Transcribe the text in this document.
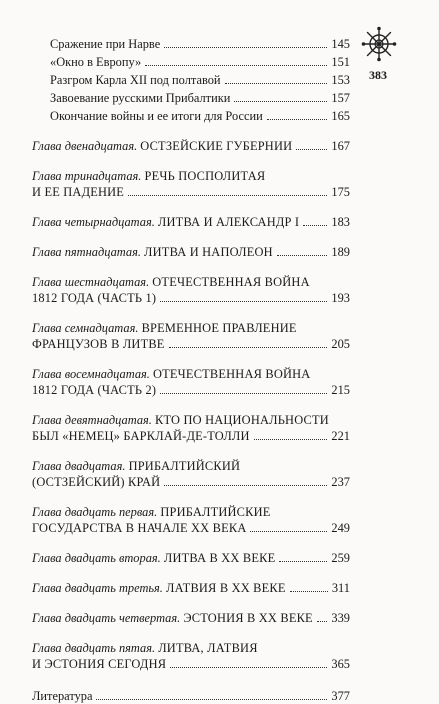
383
Сражение при Нарве	145
«Окно в Европу»	151
Разгром Карла XII под полтавой	153
Завоевание русскими Прибалтики	157
Окончание войны и ее итоги для России	165
Глава двенадцатая. ОСТЗЕЙСКИЕ ГУБЕРНИИ	167
Глава тринадцатая. РЕЧЬ ПОСПОЛИТАЯ
И ЕЕ ПАДЕНИЕ	175
Глава четырнадцатая. ЛИТВА И АЛЕКСАНДР I	183
Глава пятнадцатая. ЛИТВА И НАПОЛЕОН	189
Глава шестнадцатая. ОТЕЧЕСТВЕННАЯ ВОЙНА
1812 ГОДА (ЧАСТЬ 1)	193
Глава семнадцатая. ВРЕМЕННОЕ ПРАВЛЕНИЕ
ФРАНЦУЗОВ В ЛИТВЕ	205
Глава восемнадцатая. ОТЕЧЕСТВЕННАЯ ВОЙНА
1812 ГОДА (ЧАСТЬ 2)	215
Глава девятнадцатая. КТО ПО НАЦИОНАЛЬНОСТИ
БЫЛ «НЕМЕЦ» БАРКЛАЙ-ДЕ-ТОЛЛИ	221
Глава двадцатая. ПРИБАЛТИЙСКИЙ
(ОСТЗЕЙСКИЙ) КРАЙ	237
Глава двадцать первая. ПРИБАЛТИЙСКИЕ
ГОСУДАРСТВА В НАЧАЛЕ XX ВЕКА	249
Глава двадцать вторая. ЛИТВА В XX ВЕКЕ	259
Глава двадцать третья. ЛАТВИЯ В XX ВЕКЕ	311
Глава двадцать четвертая. ЭСТОНИЯ В XX ВЕКЕ 339
Глава двадцать пятая. ЛИТВА, ЛАТВИЯ
И ЭСТОНИЯ СЕГОДНЯ	365
Литература	377
